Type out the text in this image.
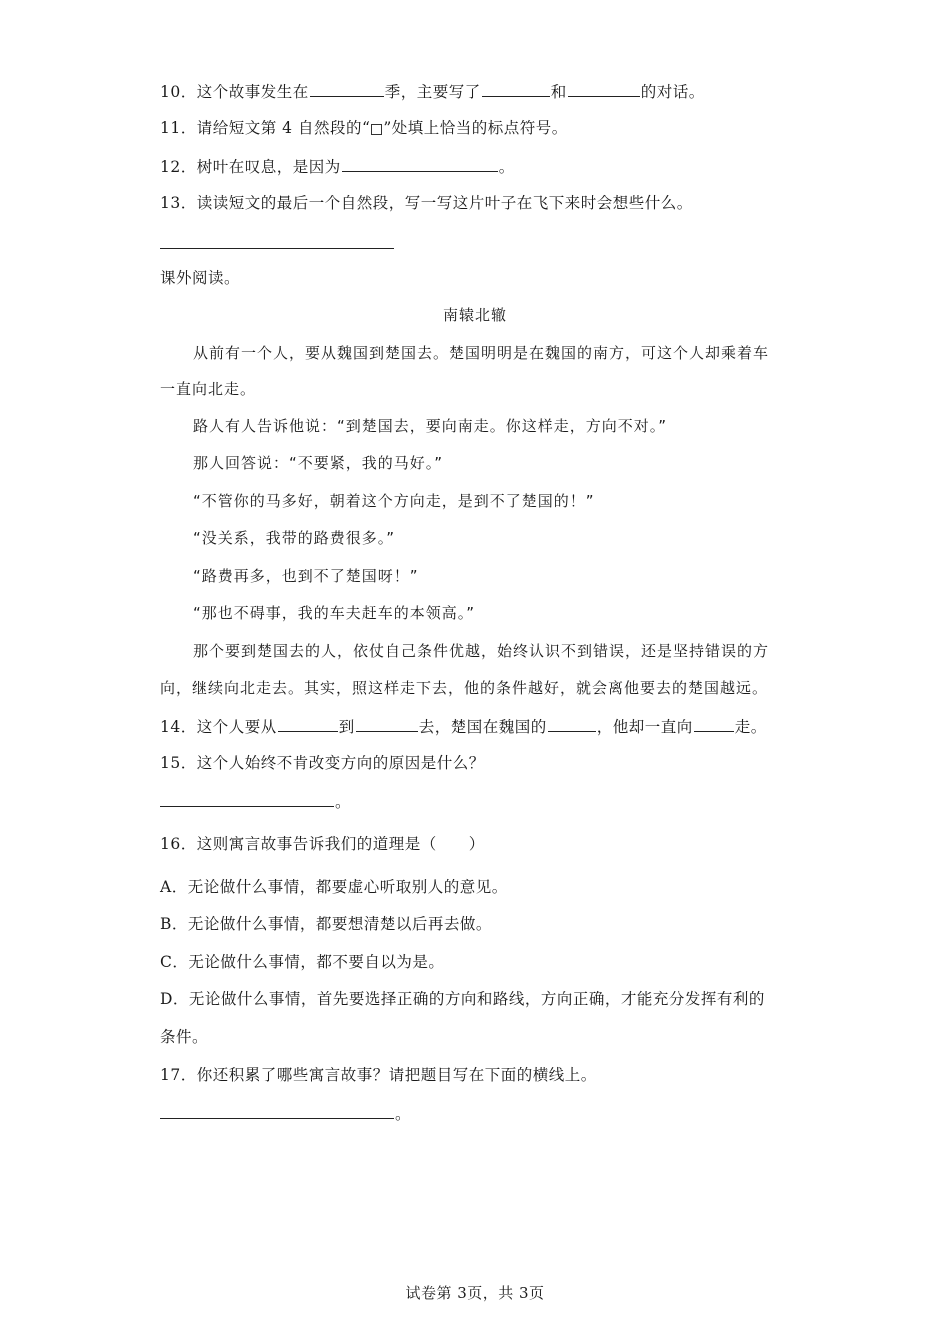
10．这个故事发生在	季，主要写了	和	的对话。
11．请给短文第 4 自然段的“ ”处填上恰当的标点符号。
12．树叶在叹息，是因为	。
13．读读短文的最后一个自然段，写一写这片叶子在飞下来时会想些什么。
课外阅读。
南辕北辙
从前有一个人，要从魏国到楚国去。楚国明明是在魏国的南方，可这个人却乘着车
一直向北走。
路人有人告诉他说：“到楚国去，要向南走。你这样走，方向不对。”
那人回答说：“不要紧，我的马好。”
“不管你的马多好，朝着这个方向走，是到不了楚国的！”
“没关系，我带的路费很多。”
“路费再多，也到不了楚国呀！”
“那也不碍事，我的车夫赶车的本领高。”
那个要到楚国去的人，依仗自己条件优越，始终认识不到错误，还是坚持错误的方
向，继续向北走去。其实，照这样走下去，他的条件越好，就会离他要去的楚国越远。
14．这个人要从	到	去，楚国在魏国的	，他却一直向	走。
15．这个人始终不肯改变方向的原因是什么？
。
16．这则寓言故事告诉我们的道理是（　　）
A．无论做什么事情，都要虚心听取别人的意见。
B．无论做什么事情，都要想清楚以后再去做。
C．无论做什么事情，都不要自以为是。
D．无论做什么事情，首先要选择正确的方向和路线，方向正确，才能充分发挥有利的
条件。
17．你还积累了哪些寓言故事？请把题目写在下面的横线上。
。
试卷第 3页，共 3页
